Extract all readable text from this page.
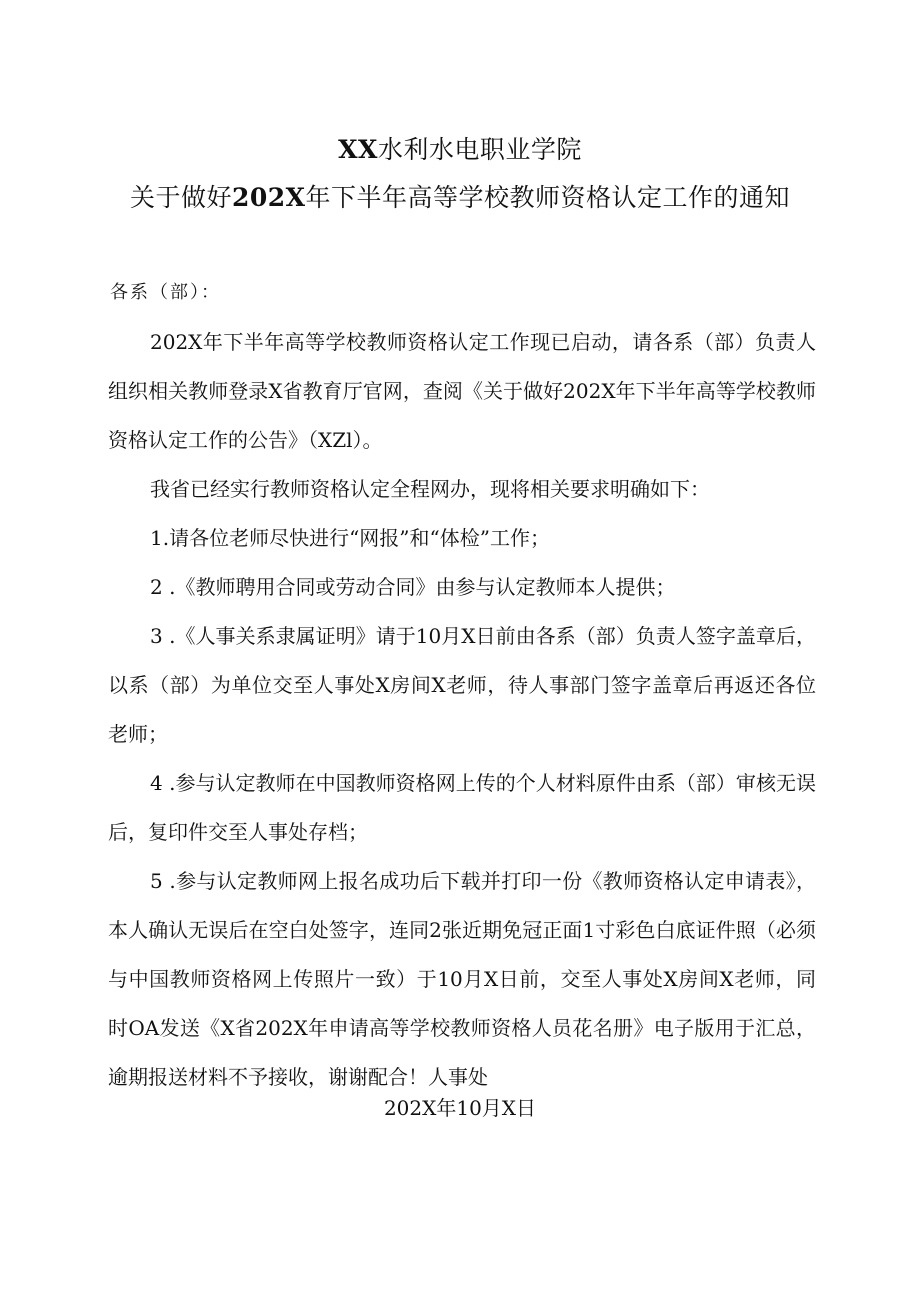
XX水利水电职业学院
关于做好202X年下半年高等学校教师资格认定工作的通知
各系（部）：

202X年下半年高等学校教师资格认定工作现已启动，请各系（部）负责人组织相关教师登录X省教育厅官网，查阅《关于做好202X年下半年高等学校教师资格认定工作的公告》（XZl）。

我省已经实行教师资格认定全程网办，现将相关要求明确如下：

1.请各位老师尽快进行“网报”和“体检”工作；

2 .《教师聘用合同或劳动合同》由参与认定教师本人提供；

3 .《人事关系隶属证明》请于10月X日前由各系（部）负责人签字盖章后，以系（部）为单位交至人事处X房间X老师，待人事部门签字盖章后再返还各位老师；

4 .参与认定教师在中国教师资格网上传的个人材料原件由系（部）审核无误后，复印件交至人事处存档；

5 .参与认定教师网上报名成功后下载并打印一份《教师资格认定申请表》，本人确认无误后在空白处签字，连同2张近期免冠正面1寸彩色白底证件照（必须与中国教师资格网上传照片一致）于10月X日前，交至人事处X房间X老师，同时OA发送《X省202X年申请高等学校教师资格人员花名册》电子版用于汇总，逾期报送材料不予接收，谢谢配合！人事处

202X年10月X日
